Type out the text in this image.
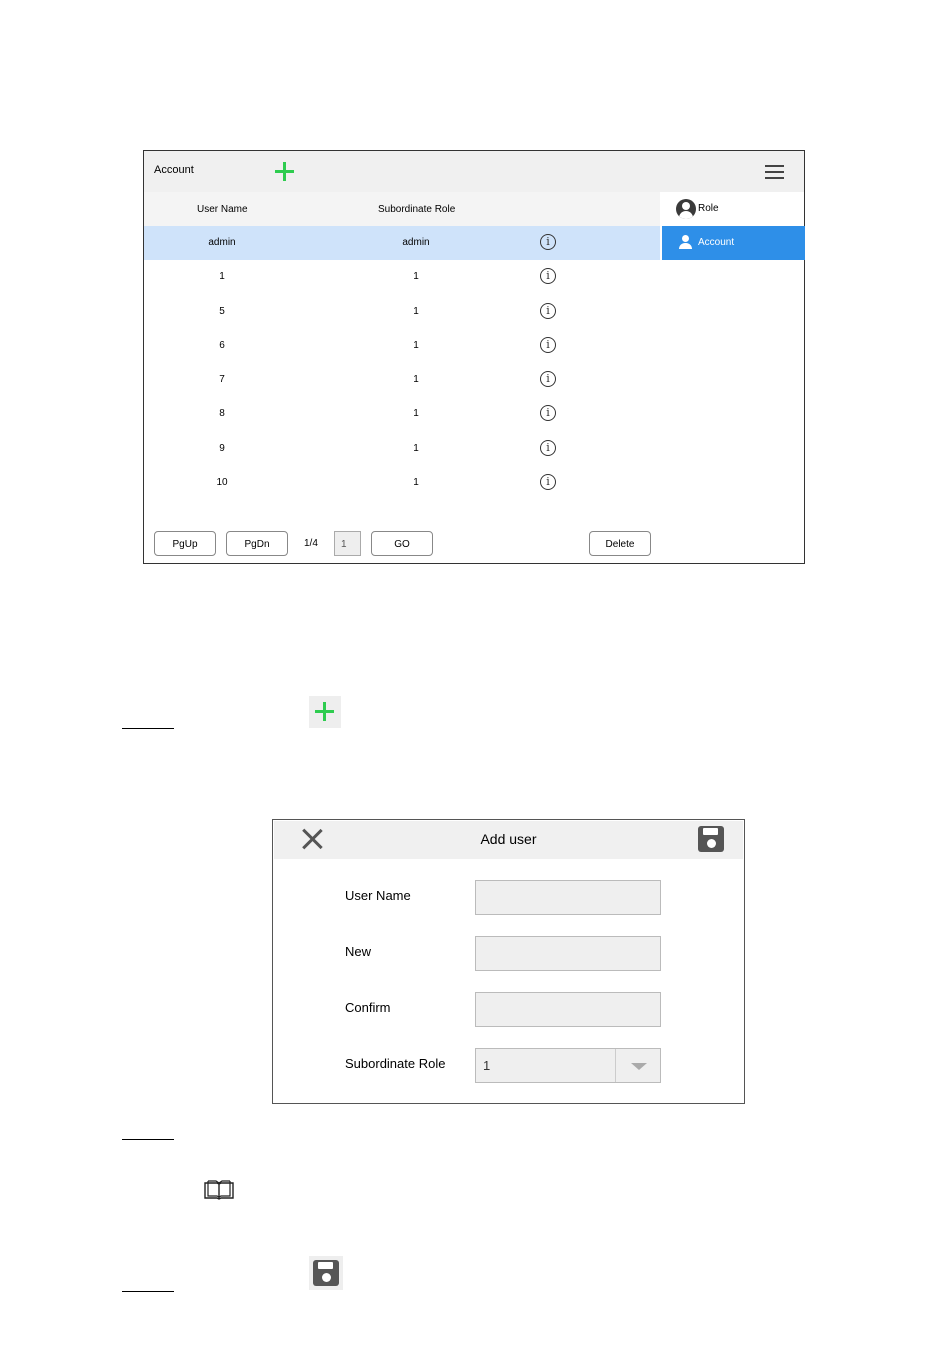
Account
User Name	Subordinate Role
admin	admin	i
1	1	i
5	1	i
6	1	i
7	1	i
8	1	i
9	1	i
10	1	i
Role
Account
PgUp	PgDn	1/4	1	GO	Delete
Add user
User Name
New
Confirm
Subordinate Role	1
